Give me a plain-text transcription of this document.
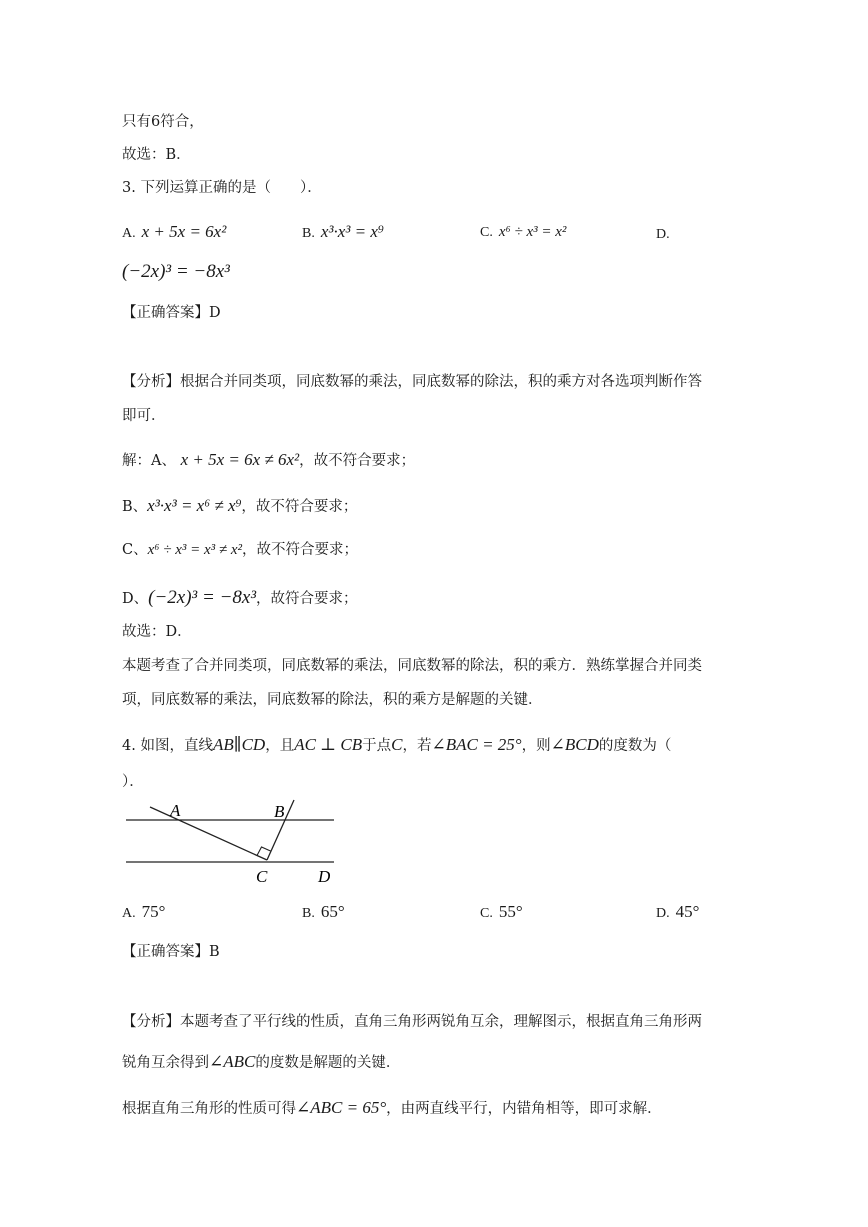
只有6符合，
故选：B．
3. 下列运算正确的是（　　）．
A. x + 5x = 6x²	B. x³·x³ = x⁹	C. x⁶ ÷ x³ = x²	D.
(−2x)³ = −8x³
【正确答案】D
【分析】根据合并同类项，同底数幂的乘法，同底数幂的除法，积的乘方对各选项判断作答
即可．
解：A、 x + 5x = 6x ≠ 6x²，故不符合要求；
B、x³·x³ = x⁶ ≠ x⁹，故不符合要求；
C、x⁶ ÷ x³ = x³ ≠ x²，故不符合要求；
D、(−2x)³ = −8x³，故符合要求；
故选：D．
本题考查了合并同类项，同底数幂的乘法，同底数幂的除法，积的乘方．熟练掌握合并同类
项，同底数幂的乘法，同底数幂的除法，积的乘方是解题的关键．
4. 如图，直线AB∥CD，且AC ⊥ CB于点C，若∠BAC = 25°，则∠BCD的度数为（
）．
A	B
C	D
A. 75°	B. 65°	C. 55°	D. 45°
【正确答案】B
【分析】本题考查了平行线的性质，直角三角形两锐角互余，理解图示，根据直角三角形两
锐角互余得到∠ABC的度数是解题的关键．
根据直角三角形的性质可得∠ABC = 65°，由两直线平行，内错角相等，即可求解．
